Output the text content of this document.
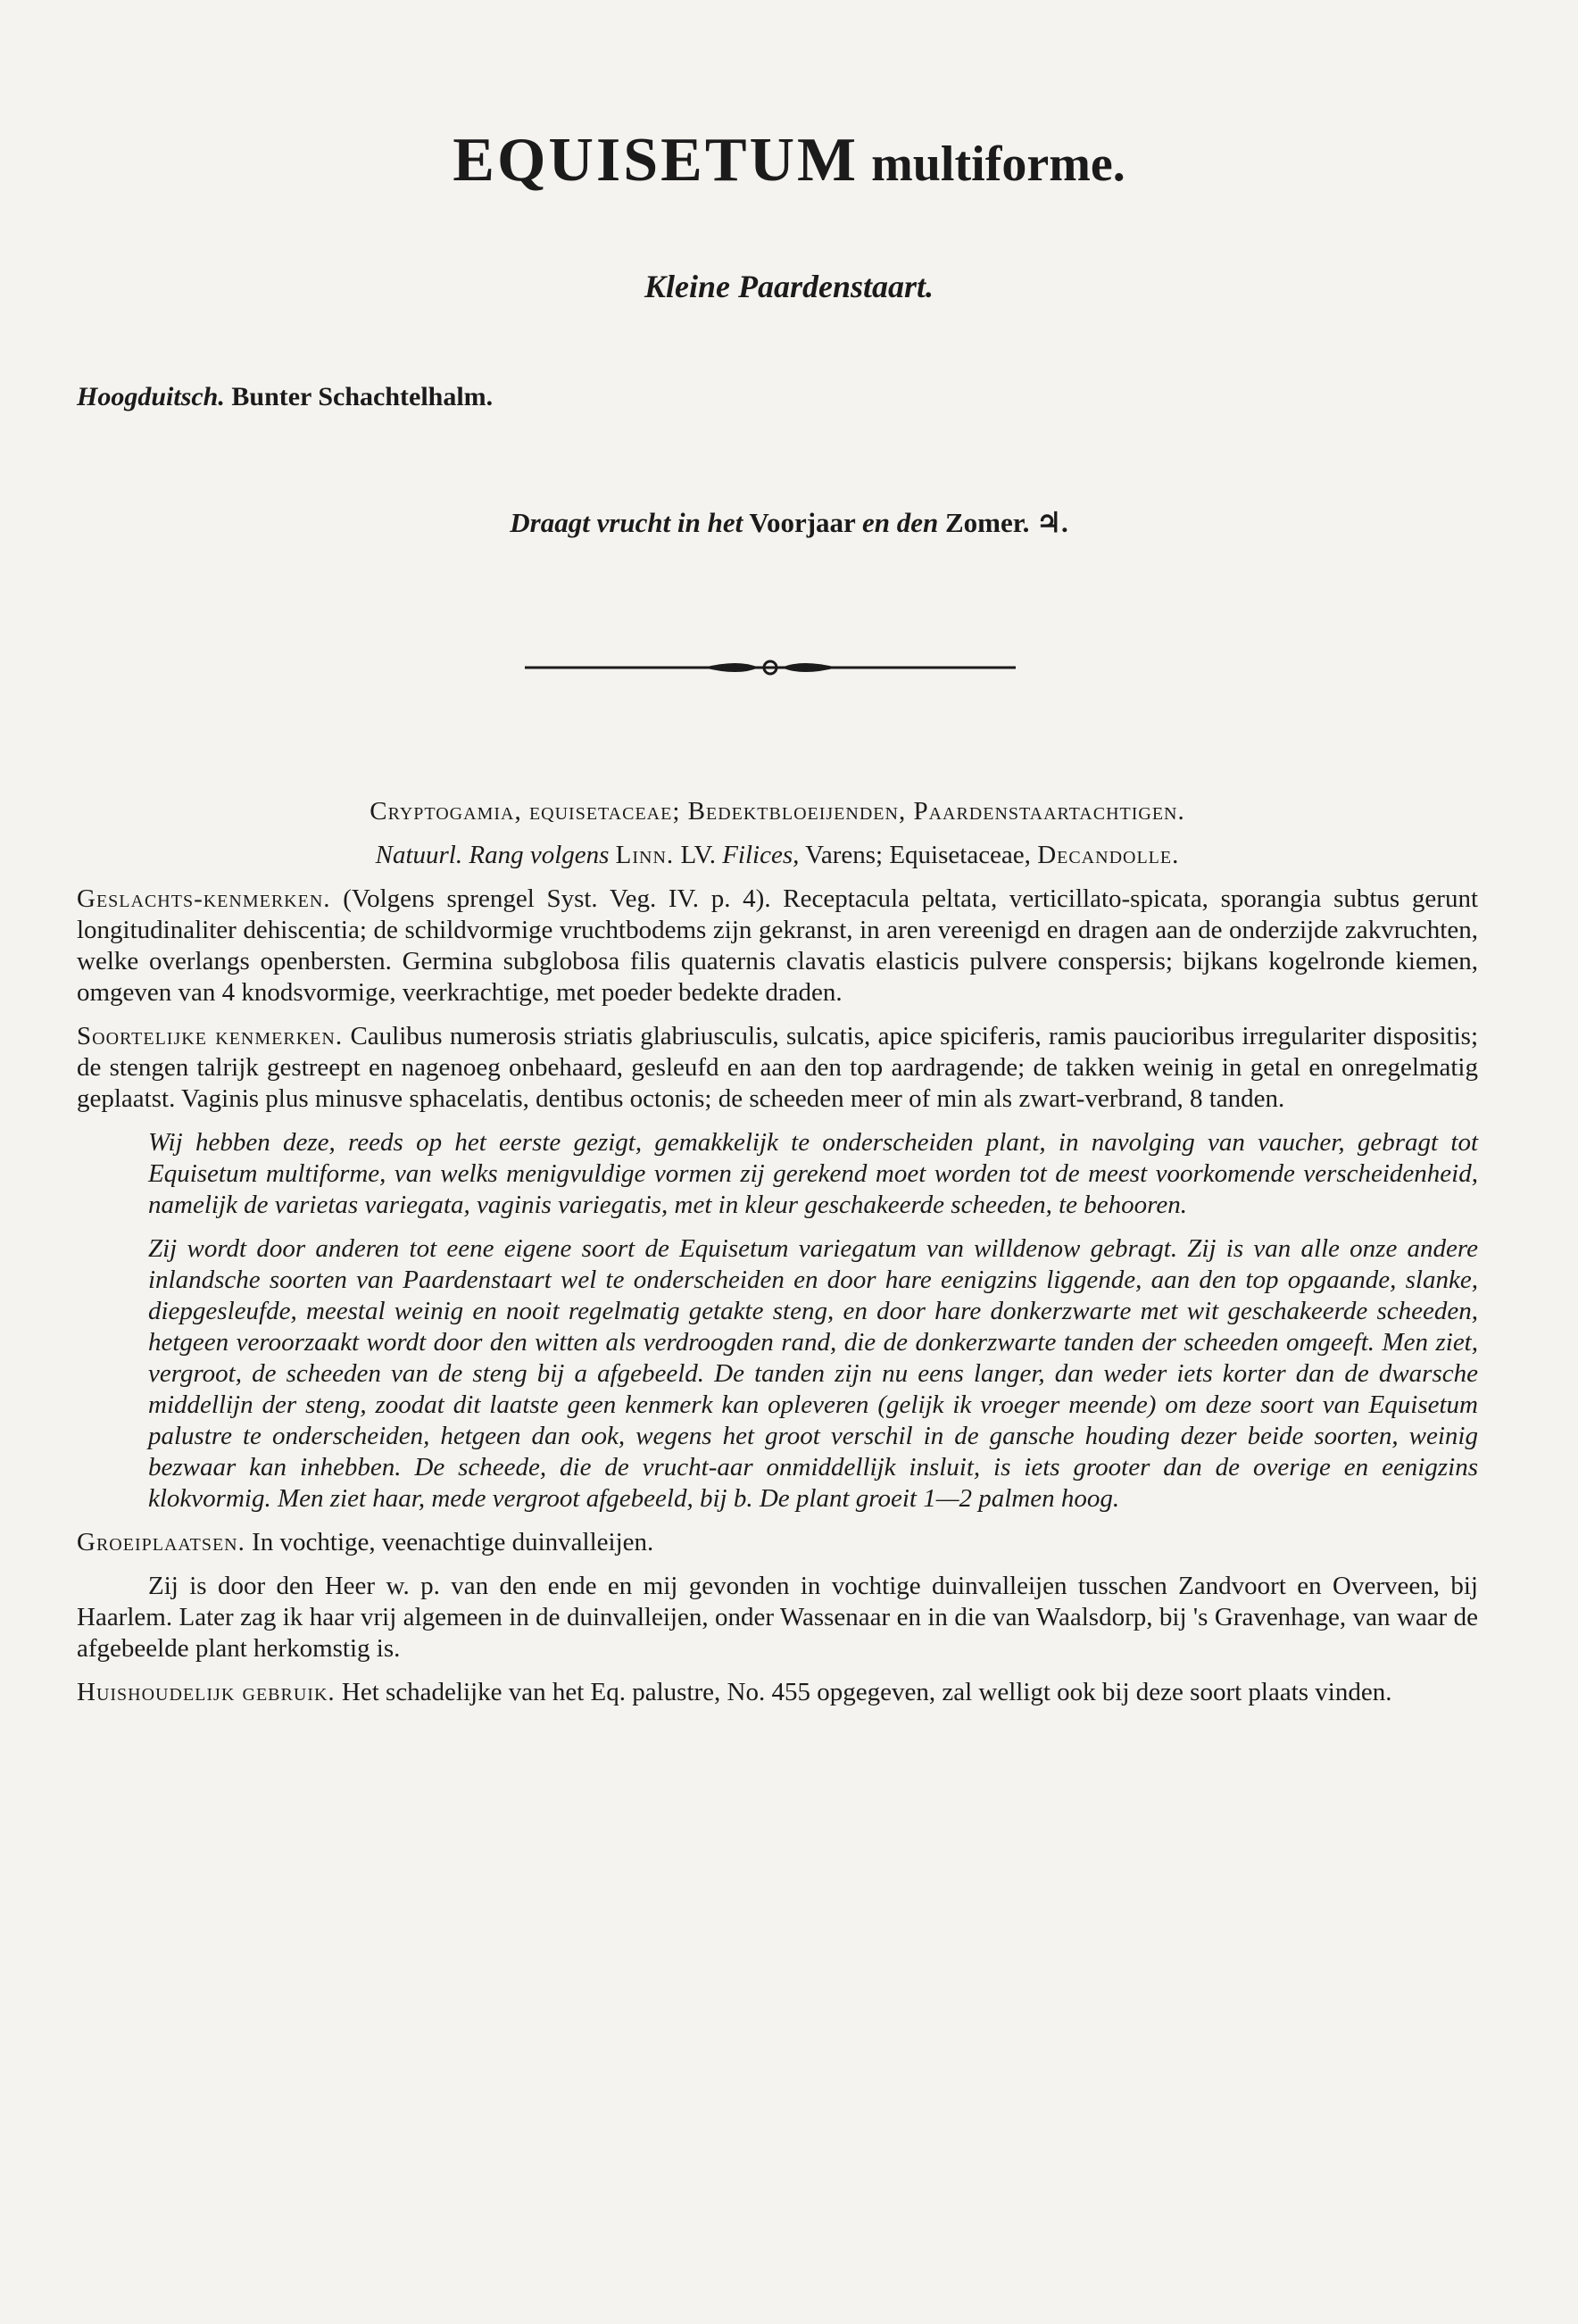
EQUISETUM multiforme.
Kleine Paardenstaart.
Hoogduitsch. Bunter Schachtelhalm.
Draagt vrucht in het Voorjaar en den Zomer. ♃.

Cryptogamia, equisetaceae; Bedektbloeijenden, Paardenstaartachtigen.

Natuurl. Rang volgens Linn. LV. Filices, Varens; Equisetaceae, Decandolle.

Geslachts-kenmerken. (Volgens sprengel Syst. Veg. IV. p. 4). Receptacula peltata, verticillato-spicata, sporangia subtus gerunt longitudinaliter dehiscentia; de schildvormige vruchtbodems zijn gekranst, in aren vereenigd en dragen aan de onderzijde zakvruchten, welke overlangs openbersten. Germina subglobosa filis quaternis clavatis elasticis pulvere conspersis; bijkans kogelronde kiemen, omgeven van 4 knodsvormige, veerkrachtige, met poeder bedekte draden.

Soortelijke kenmerken. Caulibus numerosis striatis glabriusculis, sulcatis, apice spiciferis, ramis paucioribus irregulariter dispositis; de stengen talrijk gestreept en nagenoeg onbehaard, gesleufd en aan den top aardragende; de takken weinig in getal en onregelmatig geplaatst. Vaginis plus minusve sphacelatis, dentibus octonis; de scheeden meer of min als zwart-verbrand, 8 tanden.

Wij hebben deze, reeds op het eerste gezigt, gemakkelijk te onderscheiden plant, in navolging van vaucher, gebragt tot Equisetum multiforme, van welks menigvuldige vormen zij gerekend moet worden tot de meest voorkomende verscheidenheid, namelijk de varietas variegata, vaginis variegatis, met in kleur geschakeerde scheeden, te behooren.

Zij wordt door anderen tot eene eigene soort de Equisetum variegatum van willdenow gebragt. Zij is van alle onze andere inlandsche soorten van Paardenstaart wel te onderscheiden en door hare eenigzins liggende, aan den top opgaande, slanke, diepgesleufde, meestal weinig en nooit regelmatig getakte steng, en door hare donkerzwarte met wit geschakeerde scheeden, hetgeen veroorzaakt wordt door den witten als verdroogden rand, die de donkerzwarte tanden der scheeden omgeeft. Men ziet, vergroot, de scheeden van de steng bij a afgebeeld. De tanden zijn nu eens langer, dan weder iets korter dan de dwarsche middellijn der steng, zoodat dit laatste geen kenmerk kan opleveren (gelijk ik vroeger meende) om deze soort van Equisetum palustre te onderscheiden, hetgeen dan ook, wegens het groot verschil in de gansche houding dezer beide soorten, weinig bezwaar kan inhebben. De scheede, die de vrucht-aar onmiddellijk insluit, is iets grooter dan de overige en eenigzins klokvormig. Men ziet haar, mede vergroot afgebeeld, bij b. De plant groeit 1—2 palmen hoog.

Groeiplaatsen. In vochtige, veenachtige duinvalleijen.

Zij is door den Heer w. p. van den ende en mij gevonden in vochtige duinvalleijen tusschen Zandvoort en Overveen, bij Haarlem. Later zag ik haar vrij algemeen in de duinvalleijen, onder Wassenaar en in die van Waalsdorp, bij 's Gravenhage, van waar de afgebeelde plant herkomstig is.

Huishoudelijk gebruik. Het schadelijke van het Eq. palustre, No. 455 opgegeven, zal welligt ook bij deze soort plaats vinden.
